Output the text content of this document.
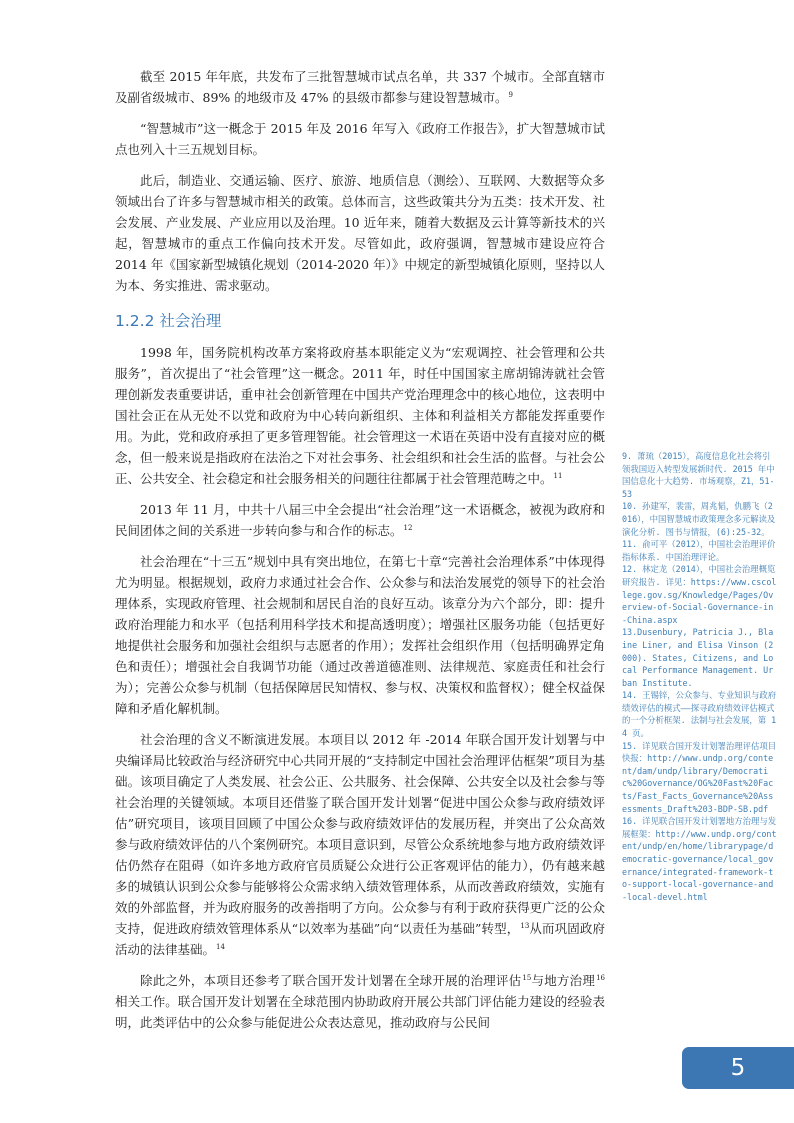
截至 2015 年年底，共发布了三批智慧城市试点名单，共 337 个城市。全部直辖市及副省级城市、89% 的地级市及 47% 的县级市都参与建设智慧城市。$^9$

“智慧城市”这一概念于 2015 年及 2016 年写入《政府工作报告》，扩大智慧城市试点也列入十三五规划目标。

此后，制造业、交通运输、医疗、旅游、地质信息（测绘）、互联网、大数据等众多领域出台了许多与智慧城市相关的政策。总体而言，这些政策共分为五类：技术开发、社会发展、产业发展、产业应用以及治理。10 近年来，随着大数据及云计算等新技术的兴起，智慧城市的重点工作偏向技术开发。尽管如此，政府强调，智慧城市建设应符合 2014 年《国家新型城镇化规划（2014-2020 年）》中规定的新型城镇化原则，坚持以人为本、务实推进、需求驱动。

1.2.2 社会治理

1998 年，国务院机构改革方案将政府基本职能定义为“宏观调控、社会管理和公共服务”，首次提出了“社会管理”这一概念。2011 年，时任中国国家主席胡锦涛就社会管理创新发表重要讲话，重申社会创新管理在中国共产党治理理念中的核心地位，这表明中国社会正在从无处不以党和政府为中心转向新组织、主体和利益相关方都能发挥重要作用。为此，党和政府承担了更多管理智能。社会管理这一术语在英语中没有直接对应的概念，但一般来说是指政府在法治之下对社会事务、社会组织和社会生活的监督。与社会公正、公共安全、社会稳定和社会服务相关的问题往往都属于社会管理范畴之中。$^{11}$

2013 年 11 月，中共十八届三中全会提出“社会治理”这一术语概念，被视为政府和民间团体之间的关系进一步转向参与和合作的标志。$^{12}$

社会治理在“十三五”规划中具有突出地位，在第七十章“完善社会治理体系”中体现得尤为明显。根据规划，政府力求通过社会合作、公众参与和法治发展党的领导下的社会治理体系，实现政府管理、社会规制和居民自治的良好互动。该章分为六个部分，即：提升政府治理能力和水平（包括利用科学技术和提高透明度）；增强社区服务功能（包括更好地提供社会服务和加强社会组织与志愿者的作用）；发挥社会组织作用（包括明确界定角色和责任）；增强社会自我调节功能（通过改善道德准则、法律规范、家庭责任和社会行为）；完善公众参与机制（包括保障居民知情权、参与权、决策权和监督权）；健全权益保障和矛盾化解机制。

社会治理的含义不断演进发展。本项目以 2012 年 -2014 年联合国开发计划署与中央编译局比较政治与经济研究中心共同开展的“支持制定中国社会治理评估框架”项目为基础。该项目确定了人类发展、社会公正、公共服务、社会保障、公共安全以及社会参与等社会治理的关键领域。本项目还借鉴了联合国开发计划署“促进中国公众参与政府绩效评估”研究项目，该项目回顾了中国公众参与政府绩效评估的发展历程，并突出了公众高效参与政府绩效评估的八个案例研究。本项目意识到，尽管公众系统地参与地方政府绩效评估仍然存在阻碍（如许多地方政府官员质疑公众进行公正客观评估的能力），仍有越来越多的城镇认识到公众参与能够将公众需求纳入绩效管理体系，从而改善政府绩效，实施有效的外部监督，并为政府服务的改善指明了方向。公众参与有利于政府获得更广泛的公众支持，促进政府绩效管理体系从“以效率为基础”向“以责任为基础”转型，$^{13}$从而巩固政府活动的法律基础。$^{14}$

除此之外，本项目还参考了联合国开发计划署在全球开展的治理评估$^{15}$与地方治理$^{16}$相关工作。联合国开发计划署在全球范围内协助政府开展公共部门评估能力建设的经验表明，此类评估中的公众参与能促进公众表达意见，推动政府与公民间

9. 萧琉（2015），高度信息化社会将引领我国迈入转型发展新时代. 2015 年中国信息化十大趋势. 市场观察，Z1，51-53

10. 孙建军，裴雷，周兆韬，仇鹏飞（2016），中国智慧城市政策理念多元解读及演化分析. 图书与情报，(6):25-32。

11. 俞可平（2012），中国社会治理评价指标体系. 中国治理评论。

12. 林定龙（2014），中国社会治理概览研究报告. 详见：https://www.cscollege.gov.sg/Knowledge/Pages/Overview-of-Social-Governance-in-China.aspx

13.Dusenbury, Patricia J., Blaine Liner, and Elisa Vinson (2000). States, Citizens, and Local Performance Management. Urban Institute.

14. 王锡锌，公众参与、专业知识与政府绩效评估的模式——探寻政府绩效评估模式的一个分析框架. 法制与社会发展，第 14 页。

15. 详见联合国开发计划署治理评估项目快报：http://www.undp.org/content/dam/undp/library/Democratic%20Governance/OG%20Fast%20Facts/Fast_Facts_Governance%20Assessments_Draft%203-BDP-SB.pdf

16. 详见联合国开发计划署地方治理与发展框架：http://www.undp.org/content/undp/en/home/librarypage/democratic-governance/local_governance/integrated-framework-to-support-local-governance-and-local-devel.html

5
